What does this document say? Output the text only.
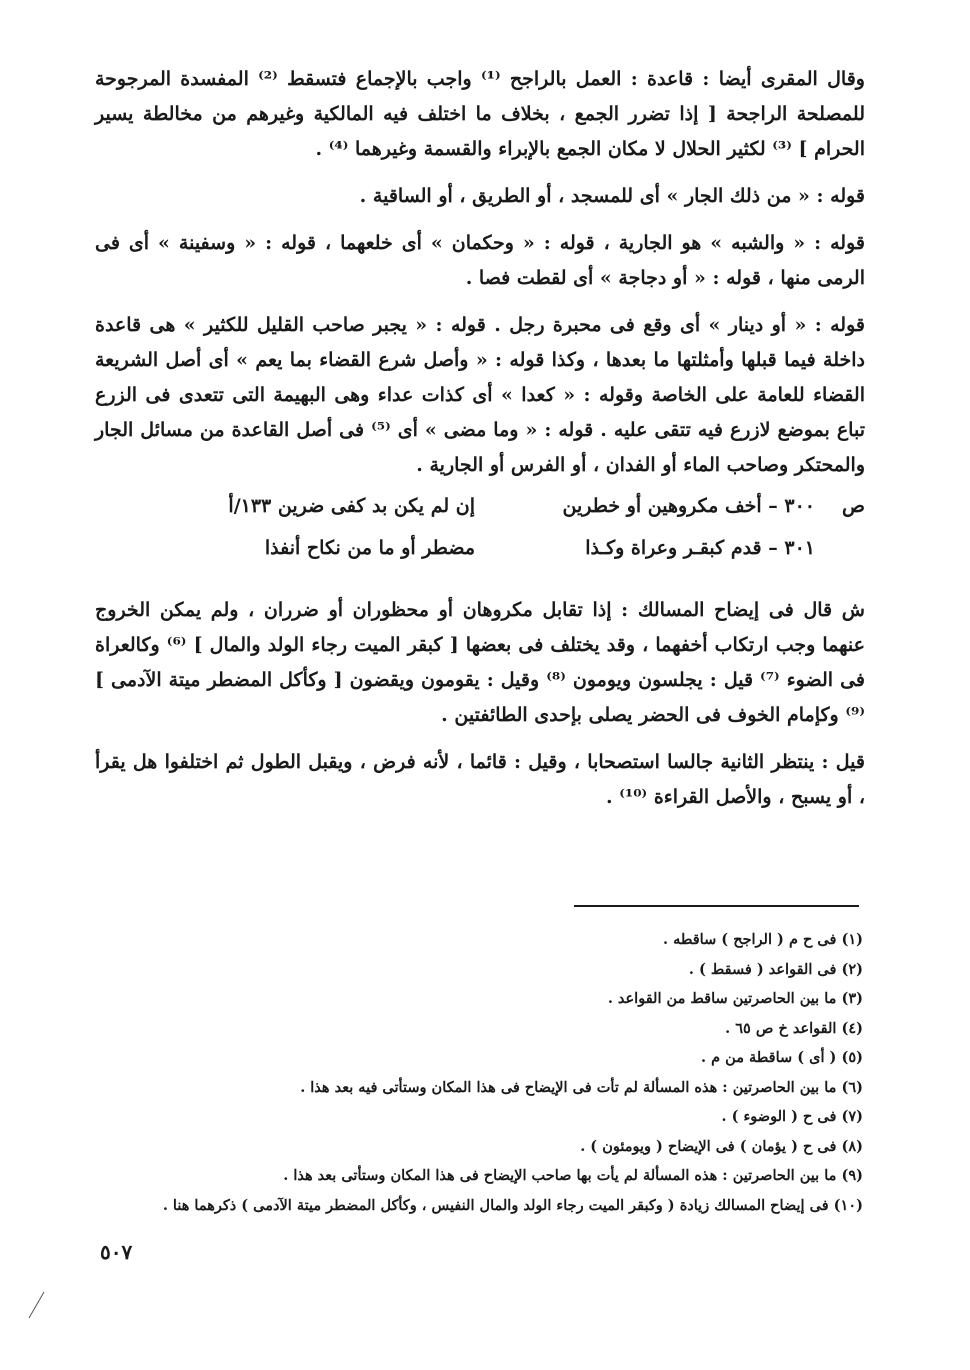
وقال المقرى أيضا : قاعدة : العمل بالراجح ⁽¹⁾ واجب بالإجماع فتسقط ⁽²⁾ المفسدة المرجوحة للمصلحة الراجحة [ إذا تضرر الجمع ، بخلاف ما اختلف فيه المالكية وغيرهم من مخالطة يسير الحرام ] ⁽³⁾ لكثير الحلال لا مكان الجمع بالإبراء والقسمة وغيرهما ⁽⁴⁾ .

قوله : « من ذلك الجار » أى للمسجد ، أو الطريق ، أو الساقية .

قوله : « والشبه » هو الجارية ، قوله : « وحكمان » أى خلعهما ، قوله : « وسفينة » أى فى الرمى منها ، قوله : « أو دجاجة » أى لقطت فصا .

قوله : « أو دينار » أى وقع فى محبرة رجل . قوله : « يجبر صاحب القليل للكثير » هى قاعدة داخلة فيما قبلها وأمثلتها ما بعدها ، وكذا قوله : « وأصل شرع القضاء بما يعم » أى أصل الشريعة القضاء للعامة على الخاصة وقوله : « كعدا » أى كذات عداء وهى البهيمة التى تتعدى فى الزرع تباع بموضع لازرع فيه تتقى عليه . قوله : « وما مضى » أى ⁽⁵⁾ فى أصل القاعدة من مسائل الجار والمحتكر وصاحب الماء أو الفدان ، أو الفرس أو الجارية .

ص
٣٠٠ – أخف مكروهين أو خطرين
إن لم يكن بد كفى ضرين ١٣٣/أ
٣٠١ – قدم كبقـر وعراة وكـذا
مضطر أو ما من نكاح أنفذا

ش قال فى إيضاح المسالك : إذا تقابل مكروهان أو محظوران أو ضرران ، ولم يمكن الخروج عنهما وجب ارتكاب أخفهما ، وقد يختلف فى بعضها [ كبقر الميت رجاء الولد والمال ] ⁽⁶⁾ وكالعراة فى الضوء ⁽⁷⁾ قيل : يجلسون ويومون ⁽⁸⁾ وقيل : يقومون ويقضون [ وكأكل المضطر ميتة الآدمى ] ⁽⁹⁾ وكإمام الخوف فى الحضر يصلى بإحدى الطائفتين .

قيل : ينتظر الثانية جالسا استصحابا ، وقيل : قائما ، لأنه فرض ، ويقبل الطول ثم اختلفوا هل يقرأ ، أو يسبح ، والأصل القراءة ⁽¹⁰⁾ .

(١) فى ح م ( الراجح ) ساقطه .
(٢) فى القواعد ( فسقط ) .
(٣) ما بين الحاصرتين ساقط من القواعد .
(٤) القواعد خ ص ٦٥ .
(٥) ( أى ) ساقطة من م .
(٦) ما بين الحاصرتين : هذه المسألة لم تأت فى الإيضاح فى هذا المكان وستأتى فيه بعد هذا .
(٧) فى ح ( الوضوء ) .
(٨) فى ح ( يؤمان ) فى الإيضاح ( ويومئون ) .
(٩) ما بين الحاصرتين : هذه المسألة لم يأت بها صاحب الإيضاح فى هذا المكان وستأتى بعد هذا .
(١٠) فى إيضاح المسالك زيادة ( وكبقر الميت رجاء الولد والمال النفيس ، وكأكل المضطر ميتة الآدمى ) ذكرهما هنا .
٥٠٧
